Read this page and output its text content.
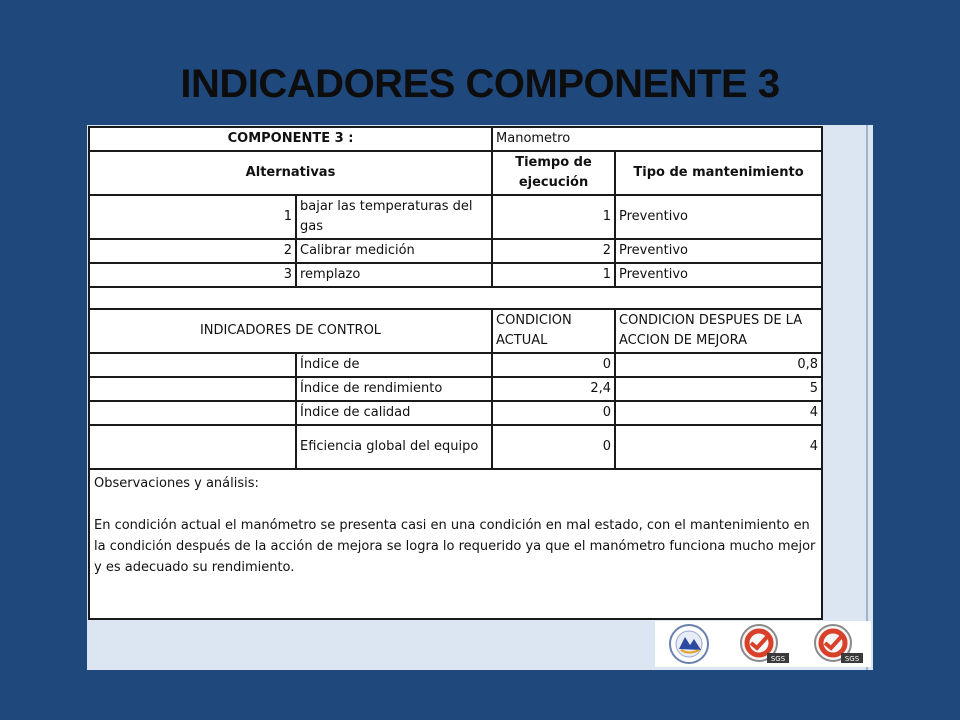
INDICADORES COMPONENTE 3
COMPONENTE 3 :		Manometro	
Alternativas		Tiempo de ejecución	Tipo de mantenimiento
1	bajar las temperaturas del gas	1	Preventivo
2	Calibrar medición	2	Preventivo
3	remplazo	1	Preventivo

INDICADORES DE CONTROL		CONDICION ACTUAL	CONDICION DESPUES DE LA ACCION DE MEJORA
	Índice de	0	0,8
	Índice de rendimiento	2,4	5
	Índice de calidad	0	4
	Eficiencia global del equipo	0	4

Observaciones y análisis:

En condición actual el manómetro se presenta casi en una condición en mal estado, con el mantenimiento en la condición después de la acción de mejora se logra lo requerido ya que el manómetro funciona mucho mejor y es adecuado su rendimiento.			

SGS	SGS
